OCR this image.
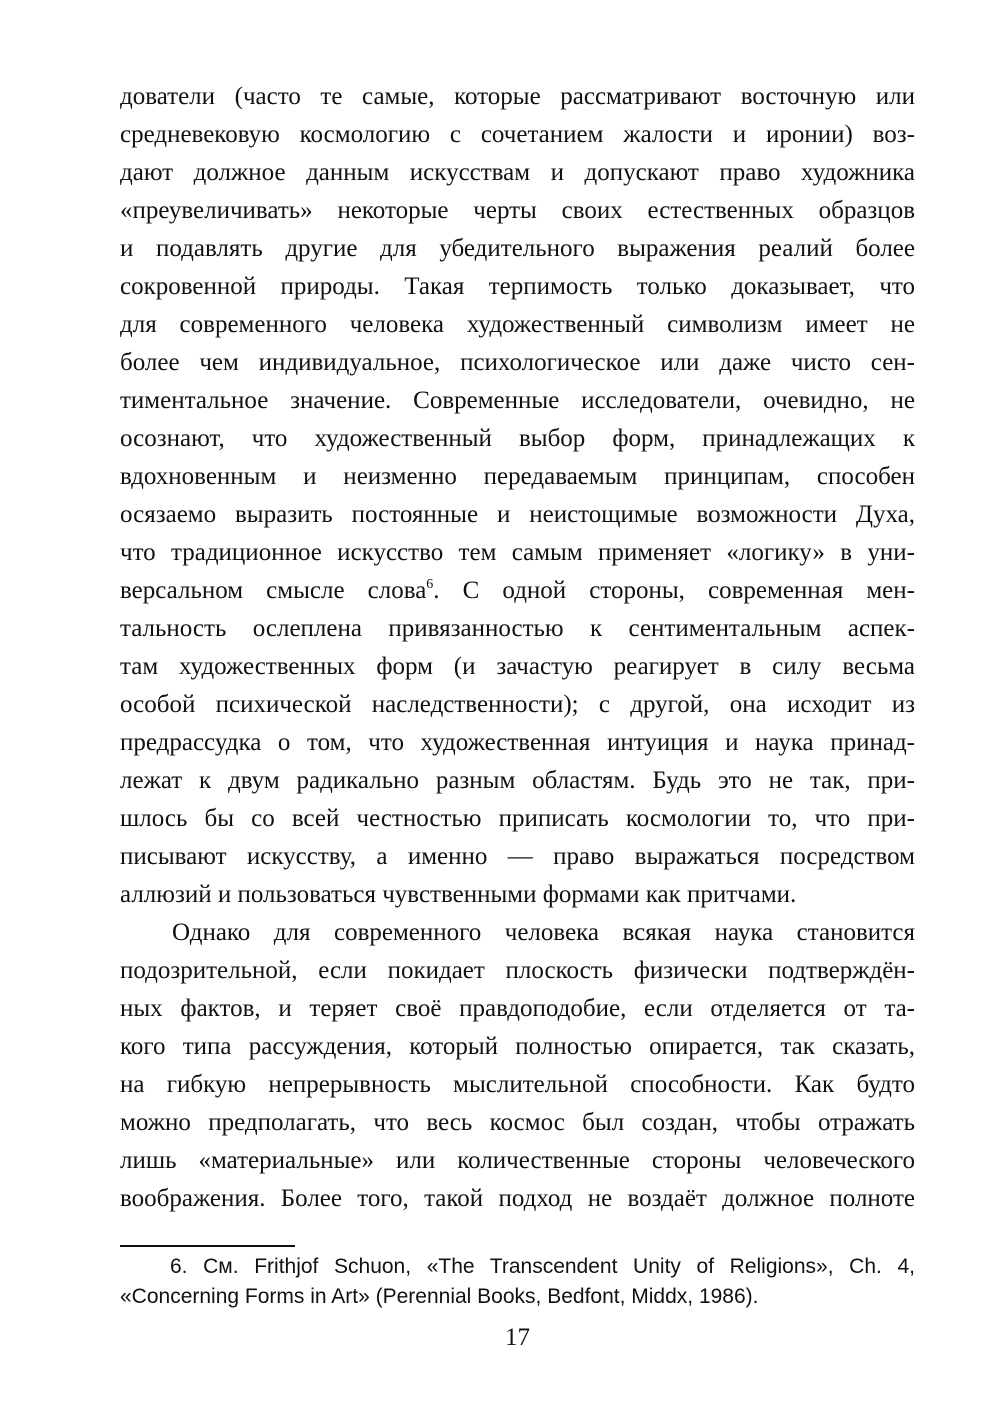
дователи (часто те самые, которые рассматривают восточную или
средневековую космологию с сочетанием жалости и иронии) воз-
дают должное данным искусствам и допускают право художника
«преувеличивать» некоторые черты своих естественных образцов
и подавлять другие для убедительного выражения реалий более
сокровенной природы. Такая терпимость только доказывает, что
для современного человека художественный символизм имеет не
более чем индивидуальное, психологическое или даже чисто сен-
тиментальное значение. Современные исследователи, очевидно, не
осознают, что художественный выбор форм, принадлежащих к
вдохновенным и неизменно передаваемым принципам, способен
осязаемо выразить постоянные и неистощимые возможности Духа,
что традиционное искусство тем самым применяет «логику» в уни-
версальном смысле слова$^6$. С одной стороны, современная мен-
тальность ослеплена привязанностью к сентиментальным аспек-
там художественных форм (и зачастую реагирует в силу весьма
особой психической наследственности); с другой, она исходит из
предрассудка о том, что художественная интуиция и наука принад-
лежат к двум радикально разным областям. Будь это не так, при-
шлось бы со всей честностью приписать космологии то, что при-
писывают искусству, а именно — право выражаться посредством
аллюзий и пользоваться чувственными формами как притчами.
Однако для современного человека всякая наука становится
подозрительной, если покидает плоскость физически подтверждён-
ных фактов, и теряет своё правдоподобие, если отделяется от та-
кого типа рассуждения, который полностью опирается, так сказать,
на гибкую непрерывность мыслительной способности. Как будто
можно предполагать, что весь космос был создан, чтобы отражать
лишь «материальные» или количественные стороны человеческого
воображения. Более того, такой подход не воздаёт должное полноте
6. См. Frithjof Schuon, «The Transcendent Unity of Religions», Ch. 4,
«Concerning Forms in Art» (Perennial Books, Bedfont, Middx, 1986).
17
